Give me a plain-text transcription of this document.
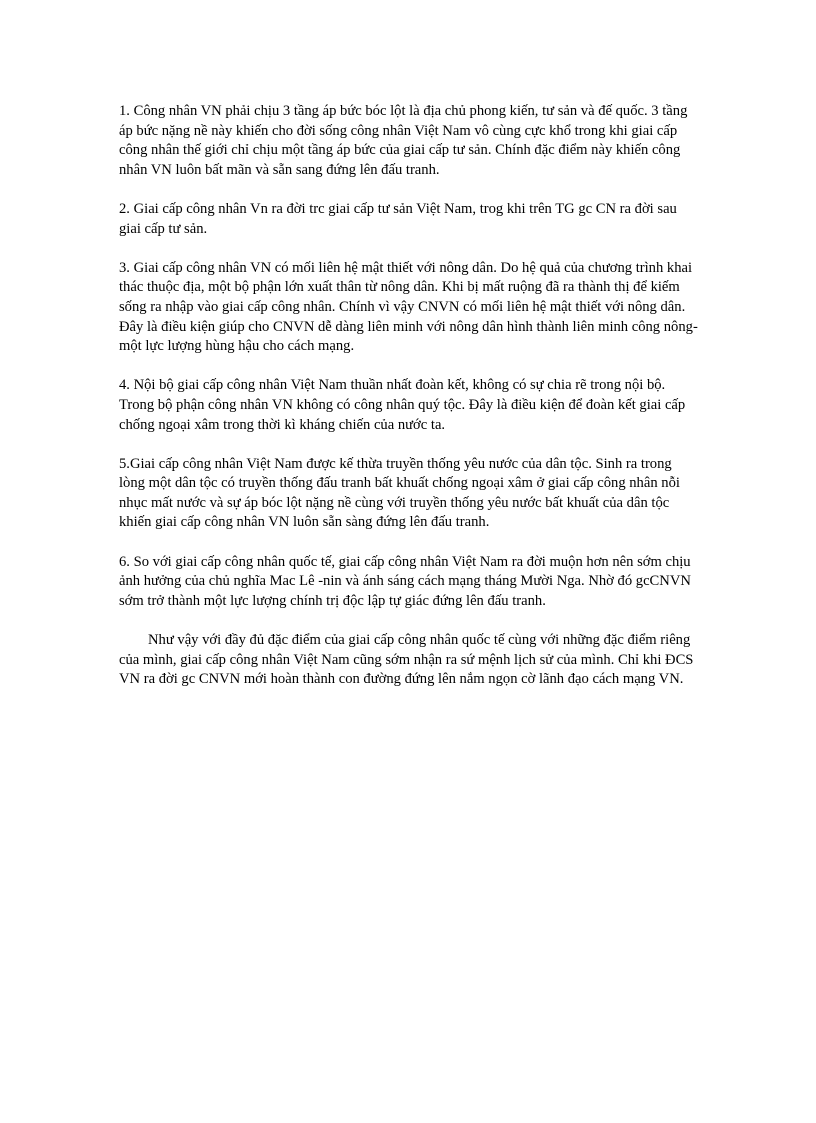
1. Công nhân VN phải chịu 3 tầng áp bức bóc lột là địa chủ phong kiến, tư sản và đế quốc. 3 tầng áp bức nặng nề này khiến cho đời sống công nhân Việt Nam vô cùng cực khổ trong khi giai cấp công nhân thế giới chỉ chịu một tầng áp bức của giai cấp tư sản. Chính đặc điểm này khiến công nhân VN luôn bất mãn và sẵn sang đứng lên đấu tranh.

2. Giai cấp công nhân Vn ra đời trc giai cấp tư sản Việt Nam, trog khi trên TG gc CN ra đời sau giai cấp tư sản.

3. Giai cấp công nhân VN có mối liên hệ mật thiết với nông dân. Do hệ quả của chương trình khai thác thuộc địa, một bộ phận lớn xuất thân từ nông dân. Khi bị mất ruộng đã ra thành thị để kiếm sống ra nhập vào giai cấp công nhân. Chính vì vậy CNVN có mối liên hệ mật thiết với nông dân. Đây là điều kiện giúp cho CNVN dễ dàng liên minh với nông dân hình thành liên minh công nông- một lực lượng hùng hậu cho cách mạng.

4. Nội bộ giai cấp công nhân Việt Nam thuần nhất đoàn kết, không có sự chia rẽ trong nội bộ. Trong bộ phận công nhân VN không có công nhân quý tộc. Đây là điều kiện để đoàn kết giai cấp chống ngoại xâm trong thời kì kháng chiến của nước ta.

5.Giai cấp công nhân Việt Nam được kế thừa truyền thống yêu nước của dân tộc. Sinh ra trong lòng một dân tộc có truyền thống đấu tranh bất khuất chống ngoại xâm ở giai cấp công nhân nỗi nhục mất nước và sự áp bóc lột nặng nề cùng với truyền thống yêu nước bất khuất của dân tộc khiến giai cấp công nhân VN luôn sẵn sàng đứng lên đấu tranh.

6. So với giai cấp công nhân quốc tế, giai cấp công nhân Việt Nam ra đời muộn hơn nên sớm chịu ảnh hưởng của chủ nghĩa Mac Lê -nin và ánh sáng cách mạng tháng Mười Nga. Nhờ đó gcCNVN sớm trở thành một lực lượng chính trị độc lập tự giác đứng lên đấu tranh.

Như vậy với đầy đủ đặc điểm của giai cấp công nhân quốc tế cùng với những đặc điểm riêng của mình, giai cấp công nhân Việt Nam cũng sớm nhận ra sứ mệnh lịch sử của mình. Chỉ khi ĐCS VN ra đời gc CNVN mới hoàn thành con đường đứng lên nắm ngọn cờ lãnh đạo cách mạng VN.
